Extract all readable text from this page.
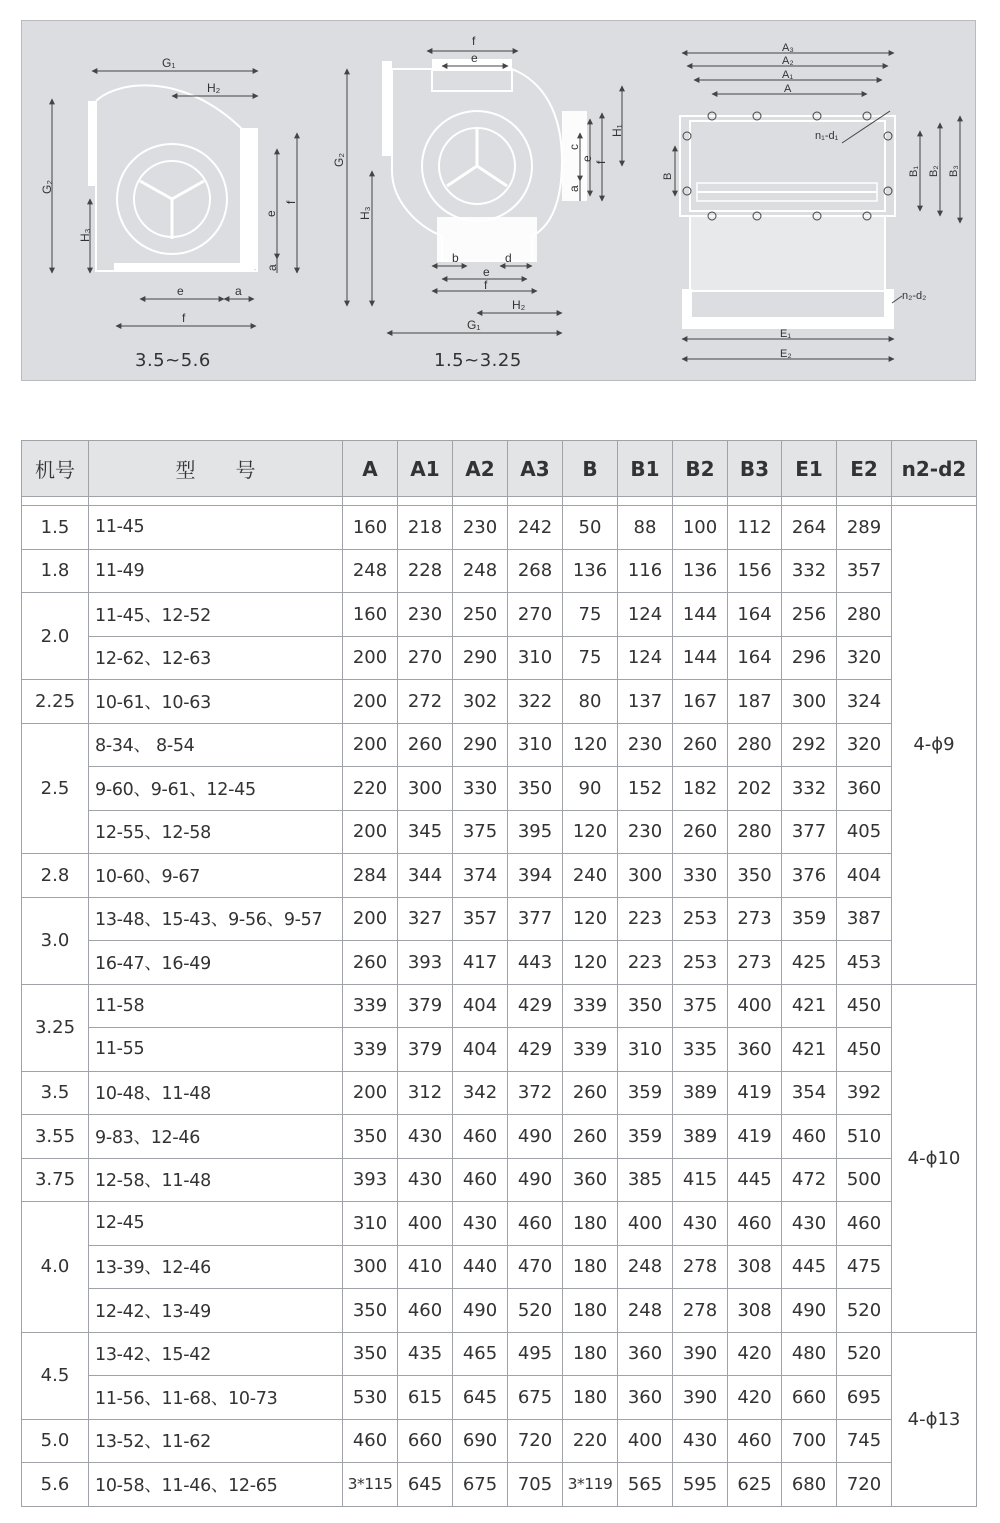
G₁
H₂
G₂
H₃
e
f
a
e	a
f
f
e
G₂
H₃
c
e
f
H₁
a
b	d
e
f
H₂
G₁
A₃
A₂
A₁
A
n₁-d₁
B	B₁ B₂ B₃
n₂-d₂
E₁
E₂
3.5~5.6	1.5~3.25
机号	型　　号	A	A1	A2	A3	B	B1	B2	B3	E1	E2	n2-d2

1.5	11-45	160	218	230	242	50	88	100	112	264	289	4-ϕ9
1.8	11-49	248	228	248	268	136	116	136	156	332	357	
2.0	11-45、12-52	160	230	250	270	75	124	144	164	256	280	
	12-62、12-63	200	270	290	310	75	124	144	164	296	320	
2.25	10-61、10-63	200	272	302	322	80	137	167	187	300	324	
2.5	8-34、 8-54	200	260	290	310	120	230	260	280	292	320	
	9-60、9-61、12-45	220	300	330	350	90	152	182	202	332	360	
	12-55、12-58	200	345	375	395	120	230	260	280	377	405	
2.8	10-60、9-67	284	344	374	394	240	300	330	350	376	404	
3.0	13-48、15-43、9-56、9-57	200	327	357	377	120	223	253	273	359	387	
	16-47、16-49	260	393	417	443	120	223	253	273	425	453	
3.25	11-58	339	379	404	429	339	350	375	400	421	450	4-ϕ10
	11-55	339	379	404	429	339	310	335	360	421	450	
3.5	10-48、11-48	200	312	342	372	260	359	389	419	354	392	
3.55	9-83、12-46	350	430	460	490	260	359	389	419	460	510	
3.75	12-58、11-48	393	430	460	490	360	385	415	445	472	500	
4.0	12-45	310	400	430	460	180	400	430	460	430	460	
	13-39、12-46	300	410	440	470	180	248	278	308	445	475	
	12-42、13-49	350	460	490	520	180	248	278	308	490	520	
4.5	13-42、15-42	350	435	465	495	180	360	390	420	480	520	4-ϕ13
	11-56、11-68、10-73	530	615	645	675	180	360	390	420	660	695	
5.0	13-52、11-62	460	660	690	720	220	400	430	460	700	745	
5.6	10-58、11-46、12-65	3*115	645	675	705	3*119	565	595	625	680	720	
